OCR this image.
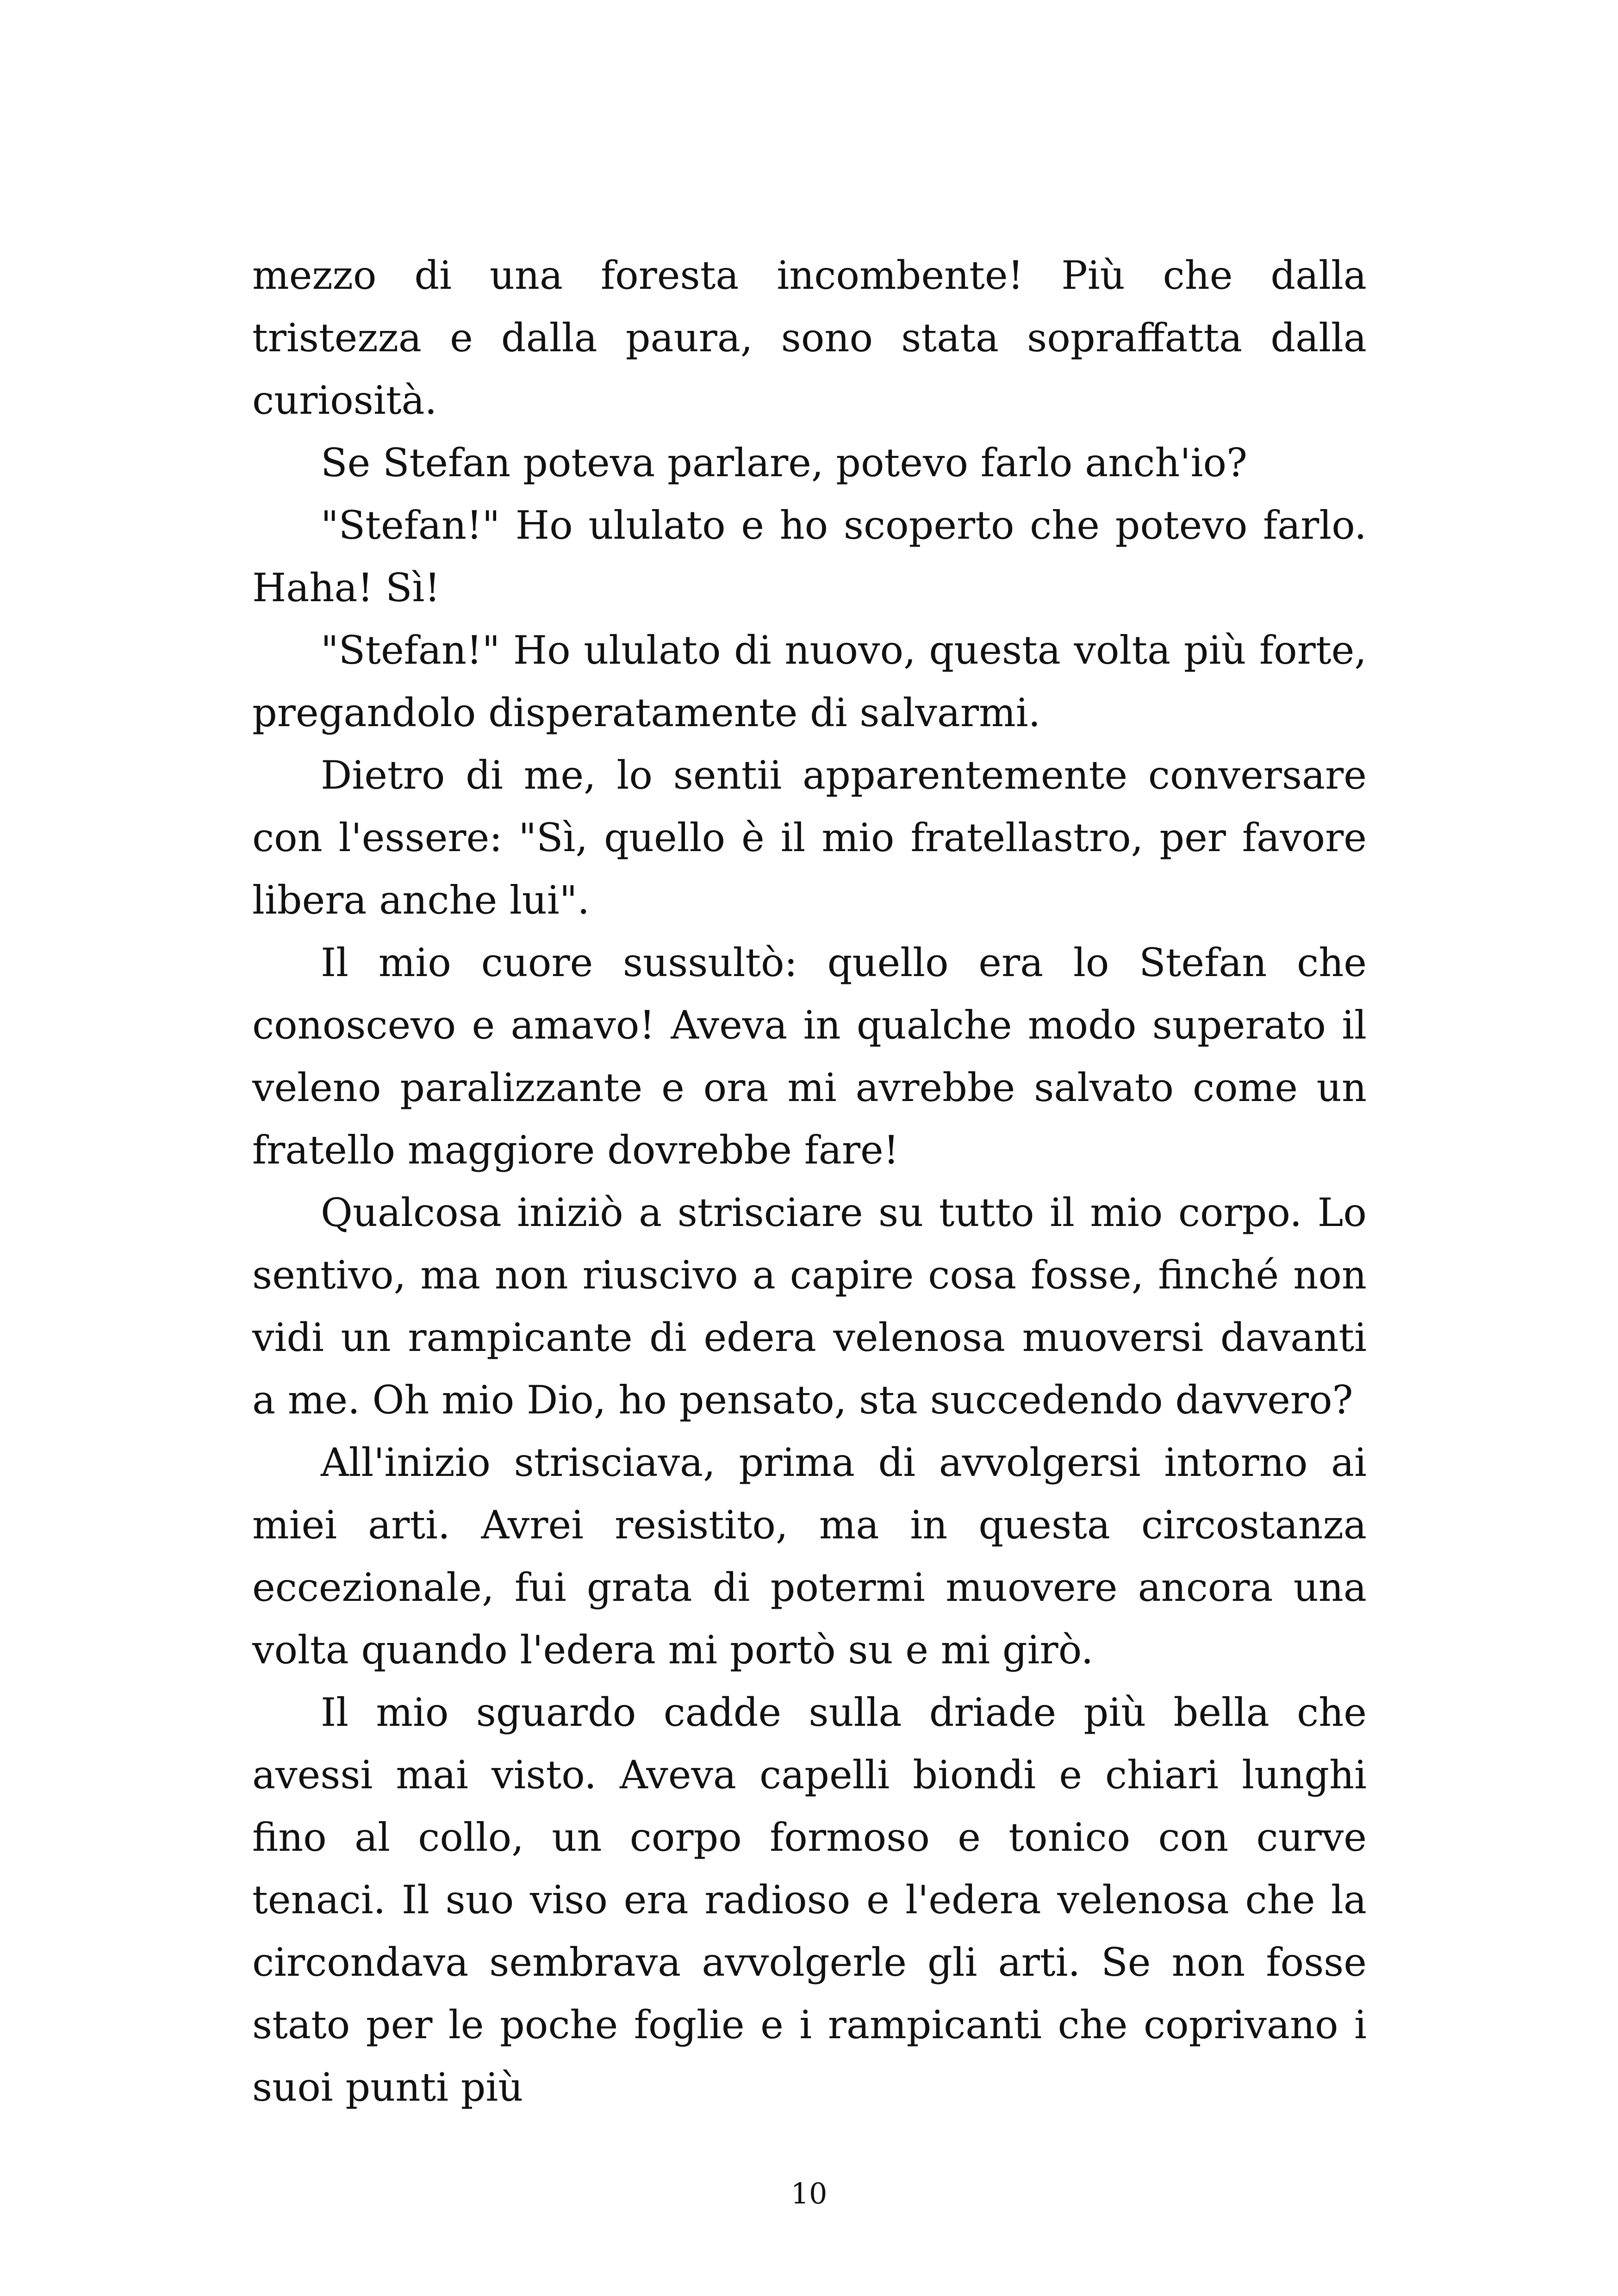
mezzo di una foresta incombente! Più che dalla tristezza e dalla paura, sono stata sopraffatta dalla curiosità.

Se Stefan poteva parlare, potevo farlo anch'io?

"Stefan!" Ho ululato e ho scoperto che potevo farlo. Haha! Sì!

"Stefan!" Ho ululato di nuovo, questa volta più forte, pregandolo disperatamente di salvarmi.

Dietro di me, lo sentii apparentemente conversare con l'essere: "Sì, quello è il mio fratellastro, per favore libera anche lui".

Il mio cuore sussultò: quello era lo Stefan che conoscevo e amavo! Aveva in qualche modo superato il veleno paralizzante e ora mi avrebbe salvato come un fratello maggiore dovrebbe fare!

Qualcosa iniziò a strisciare su tutto il mio corpo. Lo sentivo, ma non riuscivo a capire cosa fosse, finché non vidi un rampicante di edera velenosa muoversi davanti a me. Oh mio Dio, ho pensato, sta succedendo davvero?

All'inizio strisciava, prima di avvolgersi intorno ai miei arti. Avrei resistito, ma in questa circostanza eccezionale, fui grata di potermi muovere ancora una volta quando l'edera mi portò su e mi girò.

Il mio sguardo cadde sulla driade più bella che avessi mai visto. Aveva capelli biondi e chiari lunghi fino al collo, un corpo formoso e tonico con curve tenaci. Il suo viso era radioso e l'edera velenosa che la circondava sembrava avvolgerle gli arti. Se non fosse stato per le poche foglie e i rampicanti che coprivano i suoi punti più

10
